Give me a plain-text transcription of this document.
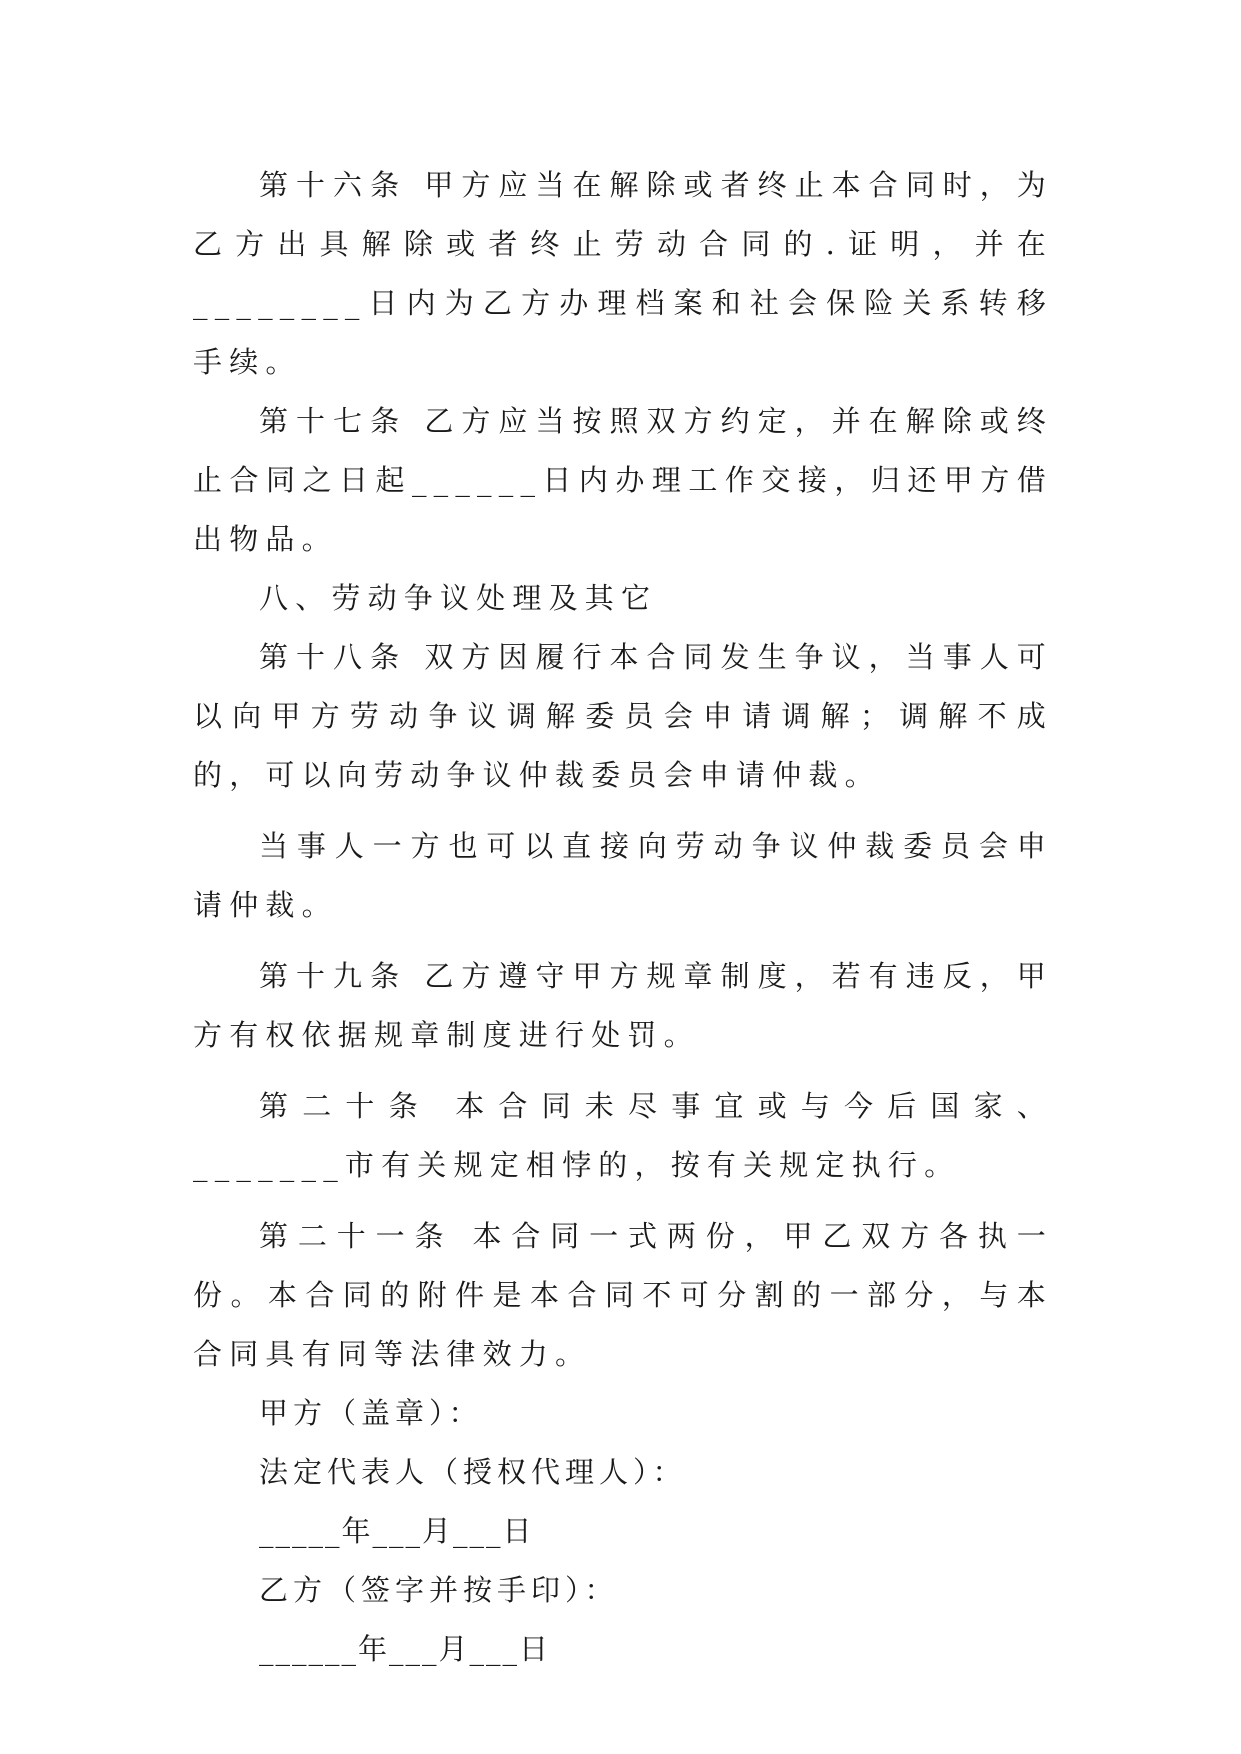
第十六条 甲方应当在解除或者终止本合同时，为乙方出具解除或者终止劳动合同的.证明，并在________日内为乙方办理档案和社会保险关系转移手续。

第十七条 乙方应当按照双方约定，并在解除或终止合同之日起______日内办理工作交接，归还甲方借出物品。

八、劳动争议处理及其它

第十八条 双方因履行本合同发生争议，当事人可以向甲方劳动争议调解委员会申请调解；调解不成的，可以向劳动争议仲裁委员会申请仲裁。

当事人一方也可以直接向劳动争议仲裁委员会申请仲裁。

第十九条 乙方遵守甲方规章制度，若有违反，甲方有权依据规章制度进行处罚。

第二十条 本合同未尽事宜或与今后国家、_______市有关规定相悖的，按有关规定执行。

第二十一条 本合同一式两份，甲乙双方各执一份。本合同的附件是本合同不可分割的一部分，与本合同具有同等法律效力。

甲方（盖章）：

法定代表人（授权代理人）：

_____年___月___日

乙方（签字并按手印）：

______年___月___日
